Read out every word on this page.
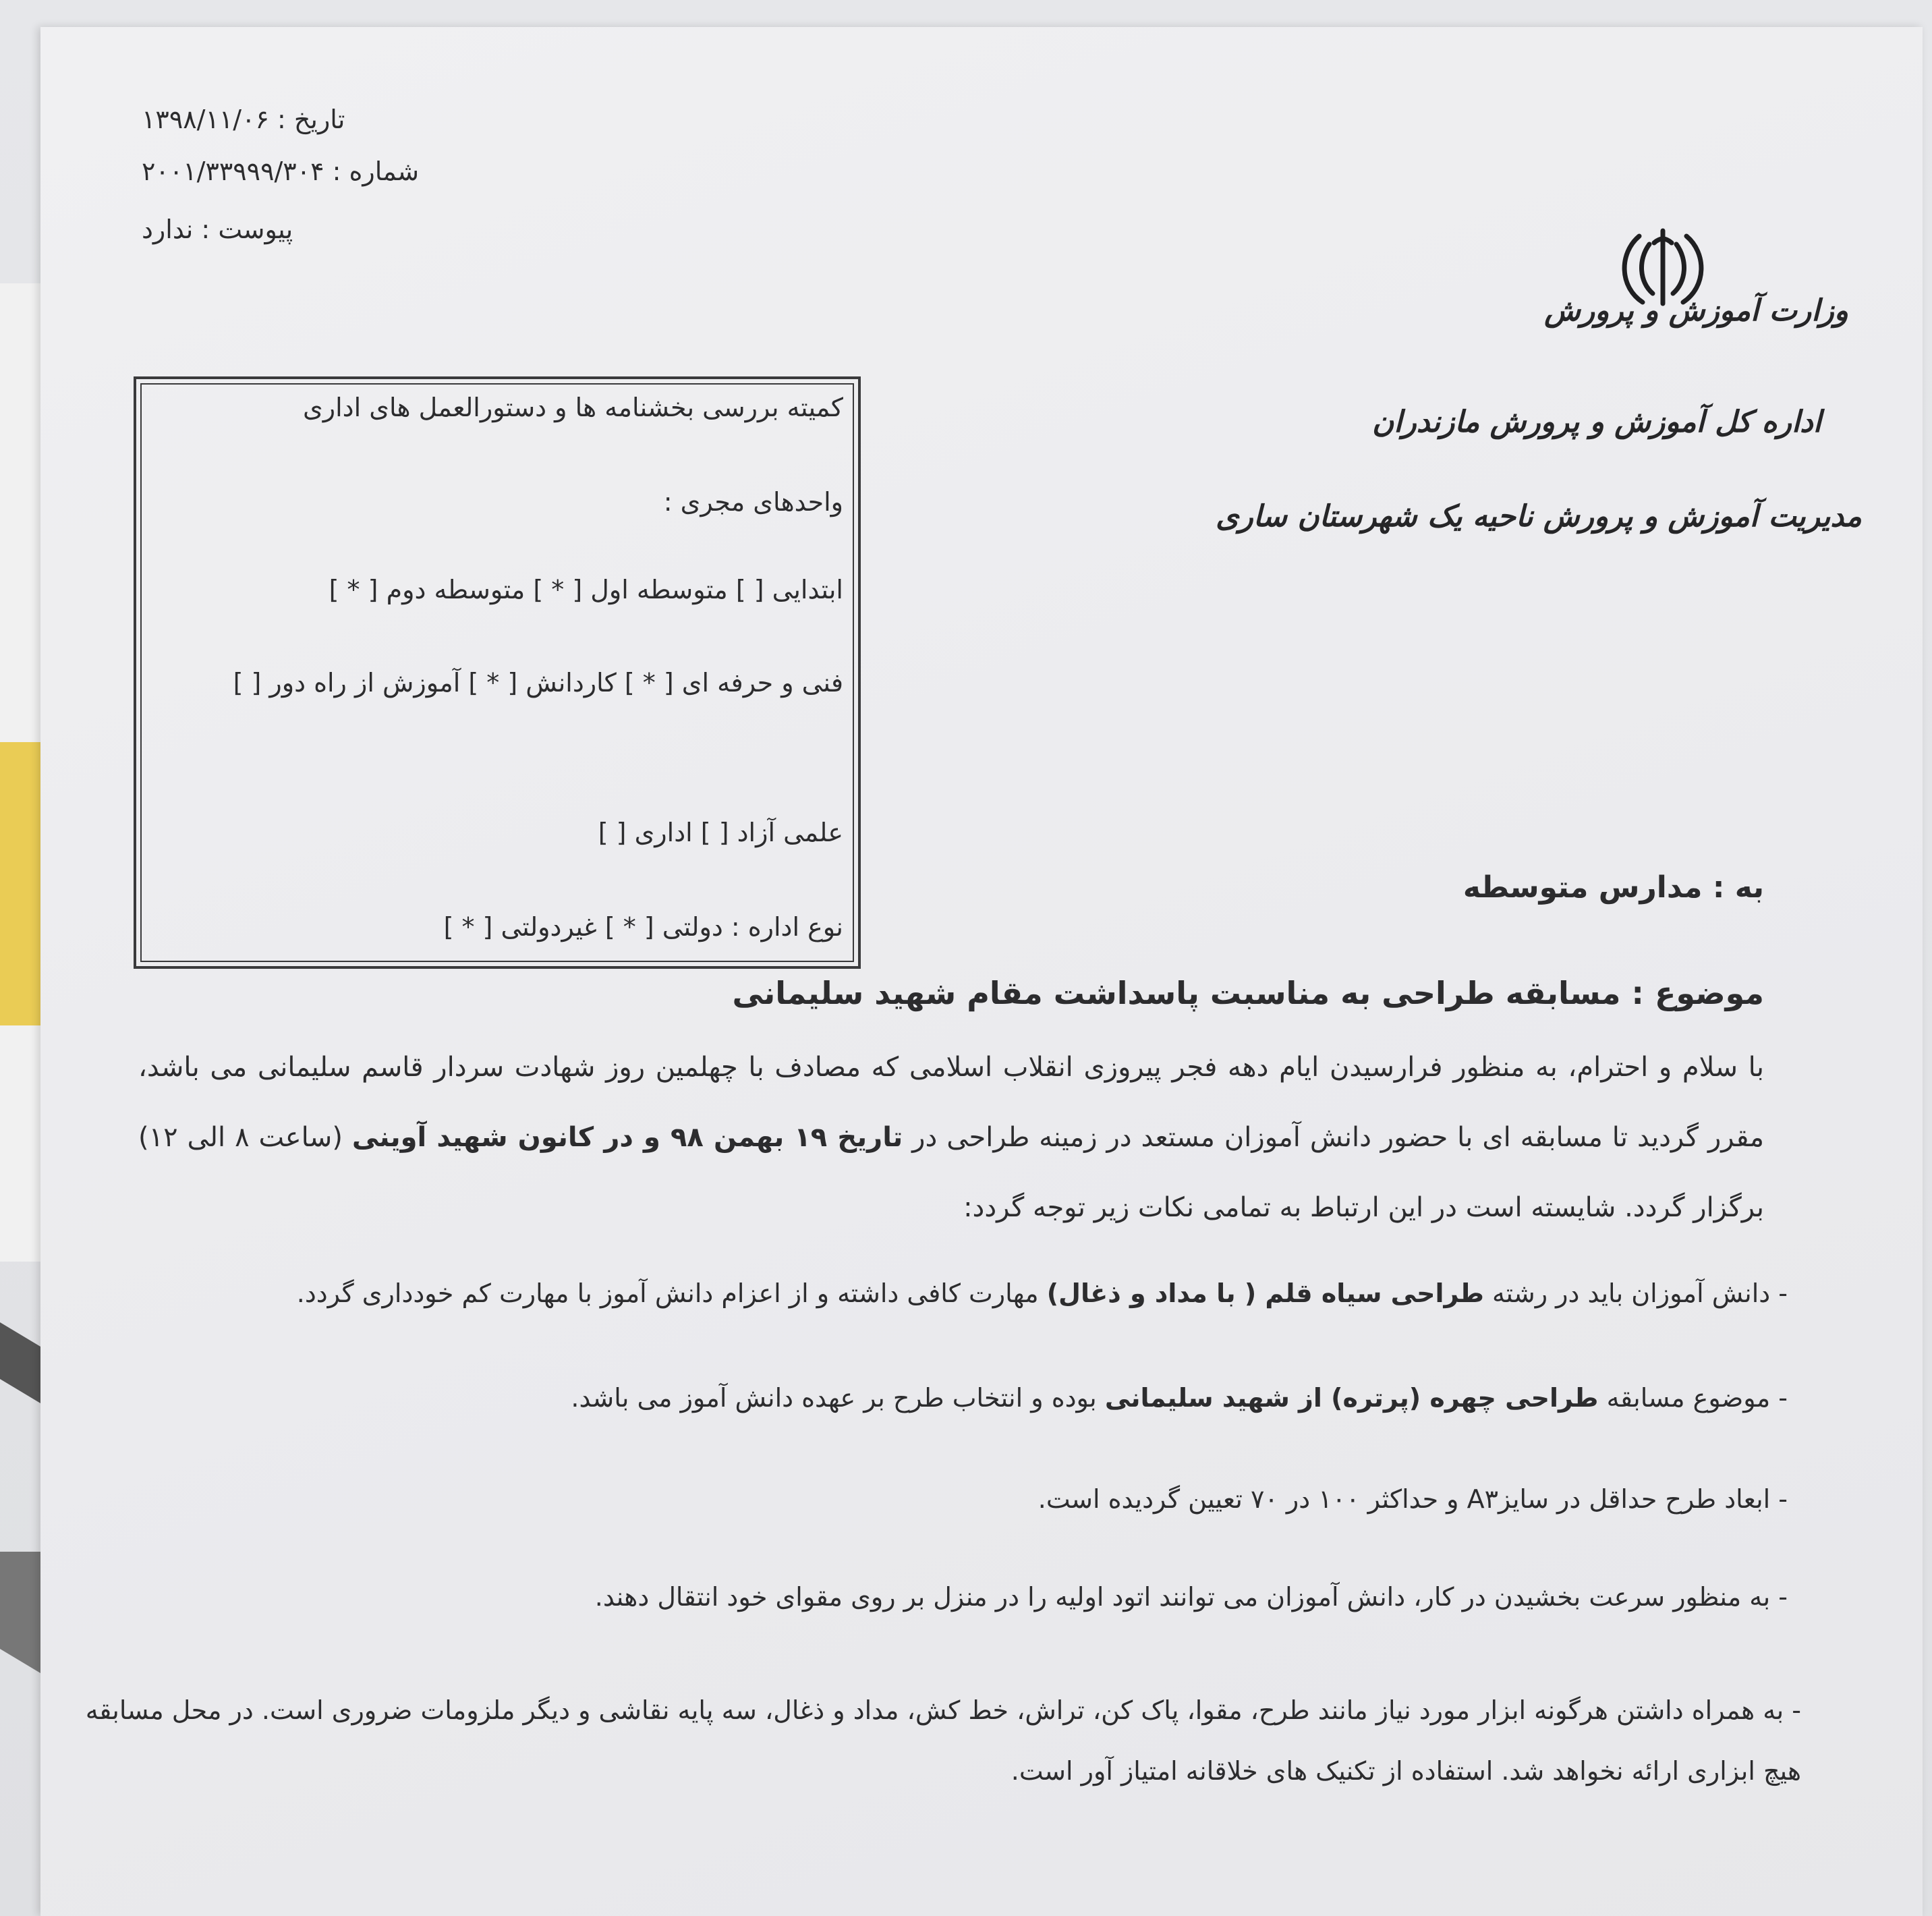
تاریخ : ۱۳۹۸/۱۱/۰۶
شماره : ۲۰۰۱/۳۳۹۹۹/۳۰۴
پیوست : ندارد
وزارت آموزش و پرورش
اداره کل آموزش و پرورش مازندران
مدیریت آموزش و پرورش ناحیه یک شهرستان ساری
کمیته بررسی بخشنامه ها و دستورالعمل های اداری
واحدهای مجری :
ابتدایی [ ] متوسطه اول [ * ] متوسطه دوم [ * ]
فنی و حرفه ای [ * ] کاردانش [ * ] آموزش از راه دور [ ]
علمی آزاد [ ] اداری [ ]
نوع اداره : دولتی [ * ] غیردولتی [ * ]
به : مدارس متوسطه
موضوع : مسابقه طراحی به مناسبت پاسداشت مقام شهید سلیمانی
با سلام و احترام، به منظور فرارسیدن ایام دهه فجر پیروزی انقلاب اسلامی که مصادف با چهلمین روز شهادت سردار قاسم سلیمانی می باشد، مقرر گردید تا مسابقه ای با حضور دانش آموزان مستعد در زمینه طراحی در تاریخ ۱۹ بهمن ۹۸ و در کانون شهید آوینی (ساعت ۸ الی ۱۲) برگزار گردد. شایسته است در این ارتباط به تمامی نکات زیر توجه گردد:
- دانش آموزان باید در رشته طراحی سیاه قلم ( با مداد و ذغال) مهارت کافی داشته و از اعزام دانش آموز با مهارت کم خودداری گردد.
- موضوع مسابقه طراحی چهره (پرتره) از شهید سلیمانی بوده و انتخاب طرح بر عهده دانش آموز می باشد.
- ابعاد طرح حداقل در سایزA۳ و حداکثر ۱۰۰ در ۷۰ تعیین گردیده است.
- به منظور سرعت بخشیدن در کار، دانش آموزان می توانند اتود اولیه را در منزل بر روی مقوای خود انتقال دهند.
- به همراه داشتن هرگونه ابزار مورد نیاز مانند طرح، مقوا، پاک کن، تراش، خط کش، مداد و ذغال، سه پایه نقاشی و دیگر ملزومات ضروری است. در محل مسابقه هیچ ابزاری ارائه نخواهد شد. استفاده از تکنیک های خلاقانه امتیاز آور است.
